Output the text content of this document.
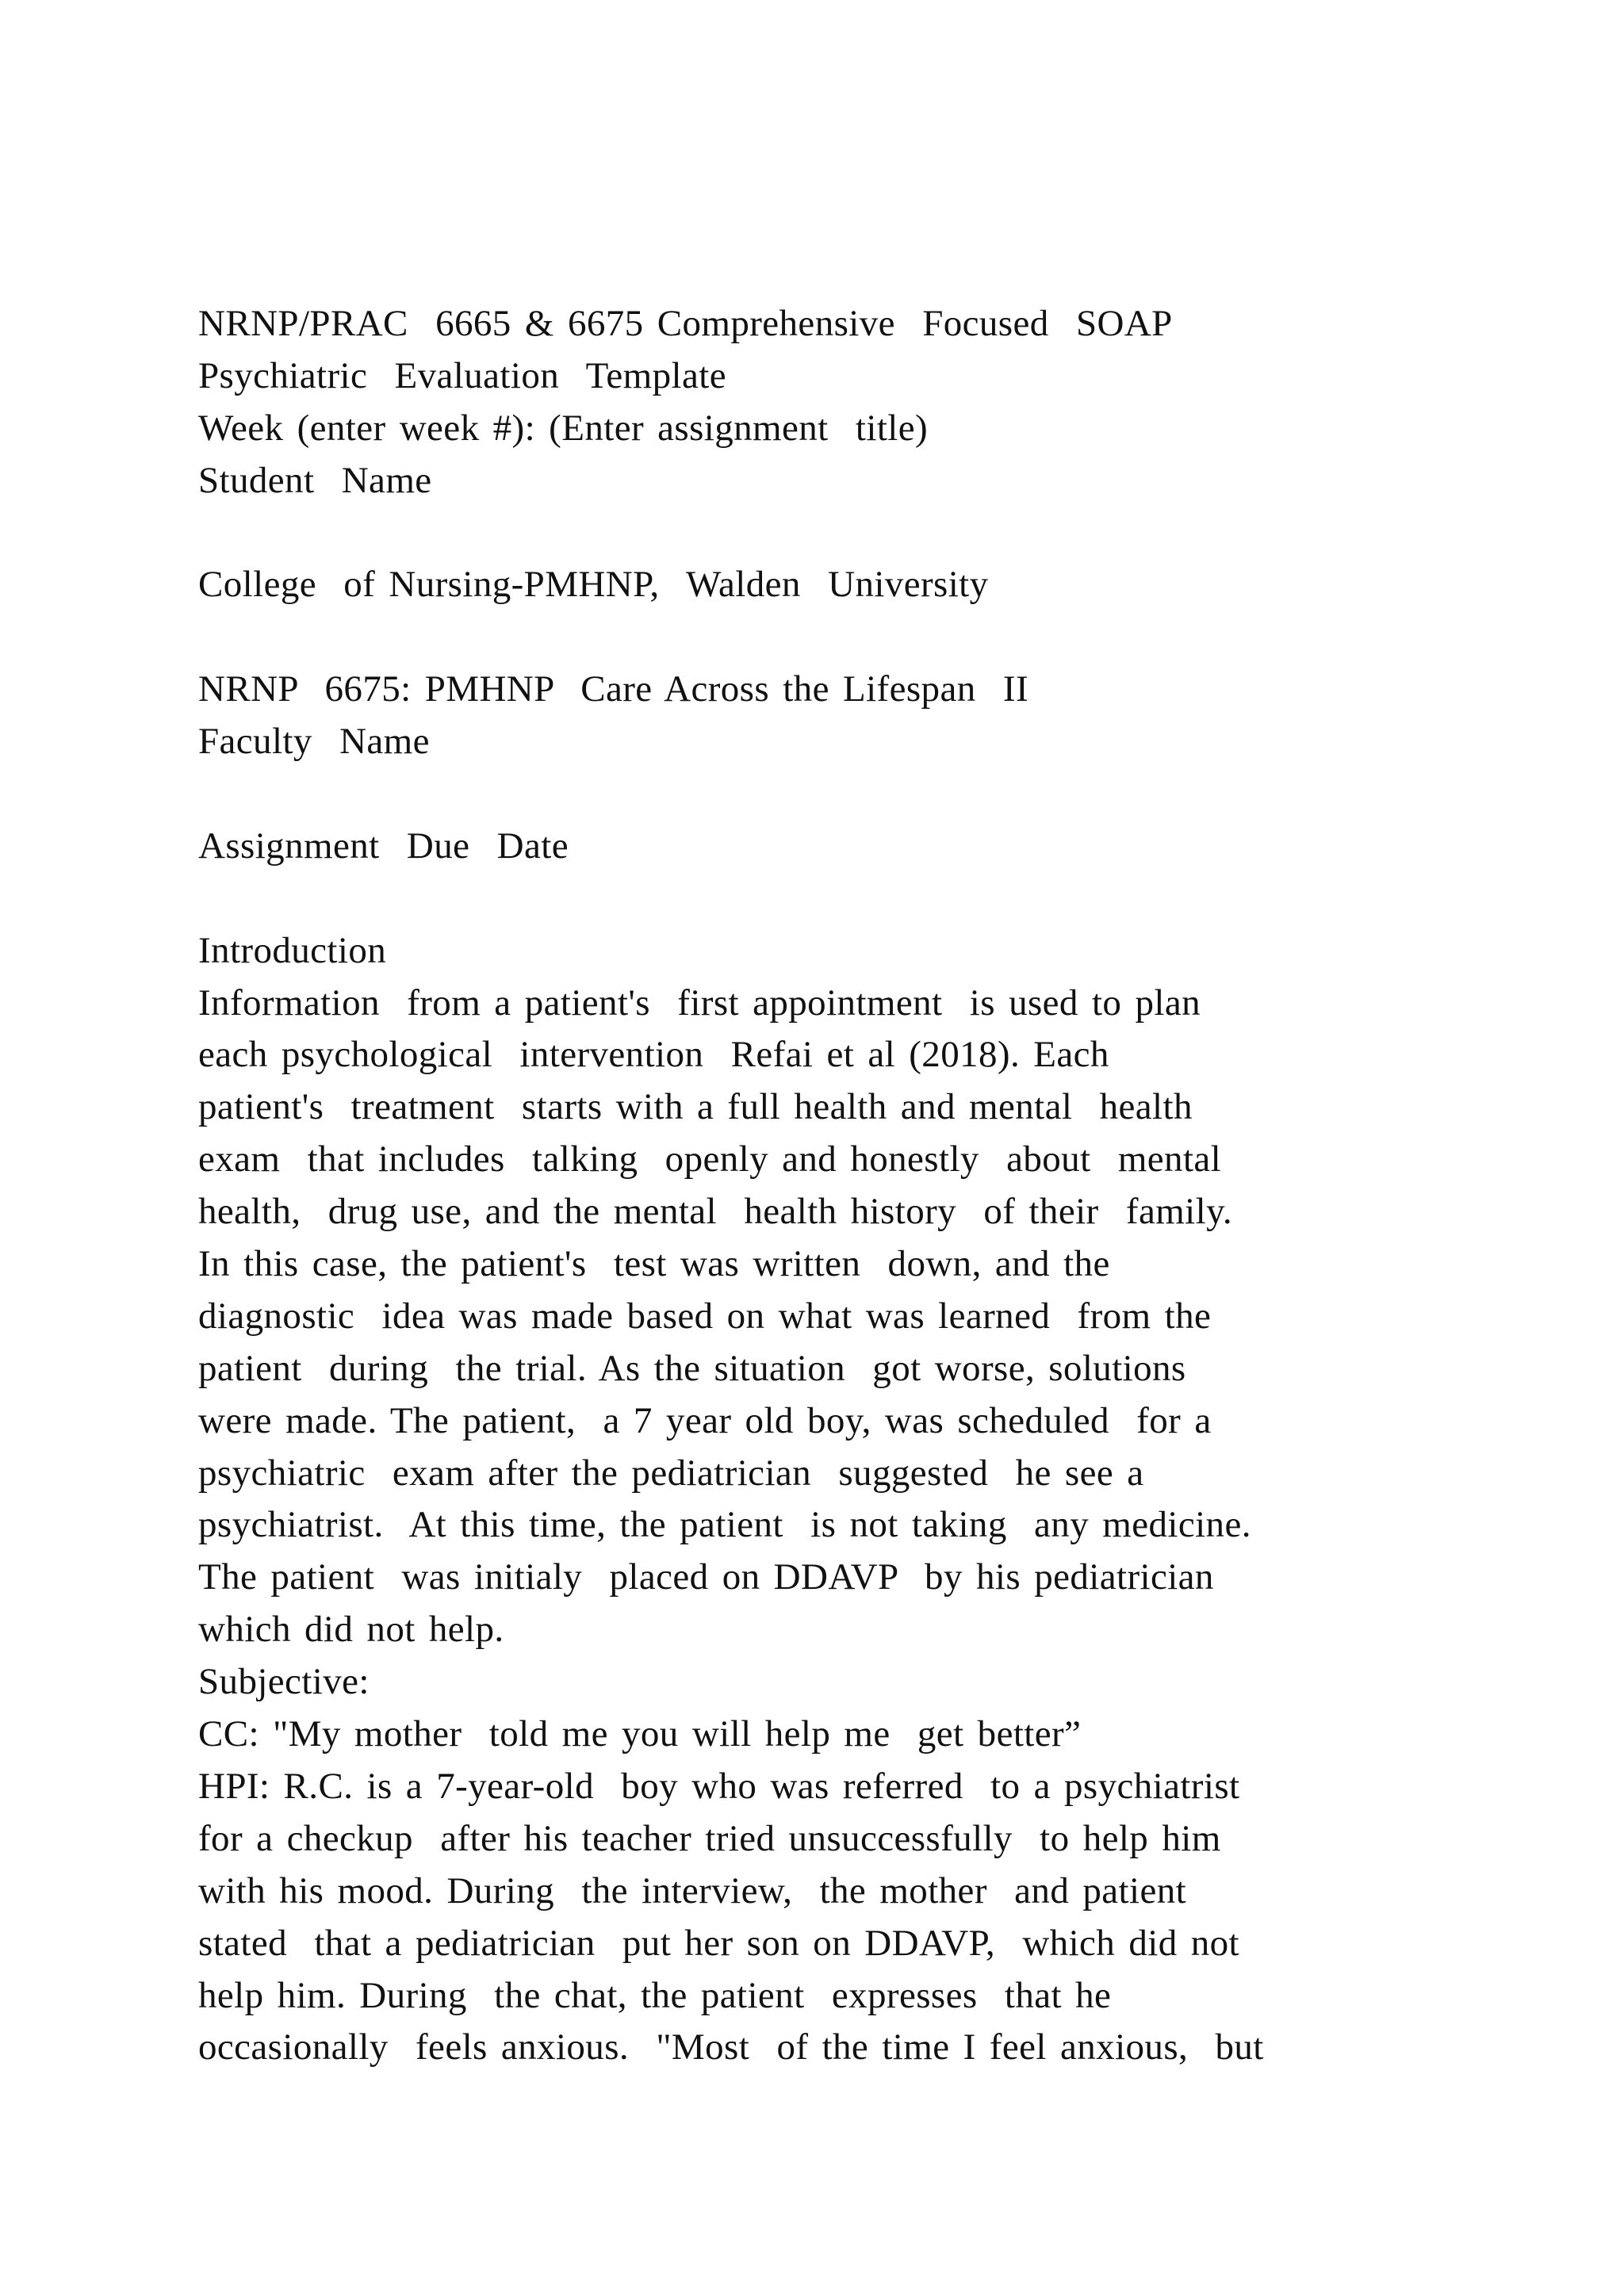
NRNP/PRAC  6665 & 6675 Comprehensive  Focused  SOAP
Psychiatric  Evaluation  Template
Week (enter week #): (Enter assignment  title)
Student  Name
College  of Nursing-PMHNP,  Walden  University
NRNP  6675: PMHNP  Care Across the Lifespan  II
Faculty  Name
Assignment  Due  Date
Introduction
Information  from a patient's  first appointment  is used to plan
each psychological  intervention  Refai et al (2018). Each
patient's  treatment  starts with a full health and mental  health
exam  that includes  talking  openly and honestly  about  mental
health,  drug use, and the mental  health history  of their  family.
In this case, the patient's  test was written  down, and the
diagnostic  idea was made based on what was learned  from the
patient  during  the trial. As the situation  got worse, solutions
were made. The patient,  a 7 year old boy, was scheduled  for a
psychiatric  exam after the pediatrician  suggested  he see a
psychiatrist.  At this time, the patient  is not taking  any medicine.
The patient  was initialy  placed on DDAVP  by his pediatrician
which did not help.
Subjective:
CC: "My mother  told me you will help me  get better”
HPI: R.C. is a 7-year-old  boy who was referred  to a psychiatrist
for a checkup  after his teacher tried unsuccessfully  to help him
with his mood. During  the interview,  the mother  and patient
stated  that a pediatrician  put her son on DDAVP,  which did not
help him. During  the chat, the patient  expresses  that he
occasionally  feels anxious.  "Most  of the time I feel anxious,  but
